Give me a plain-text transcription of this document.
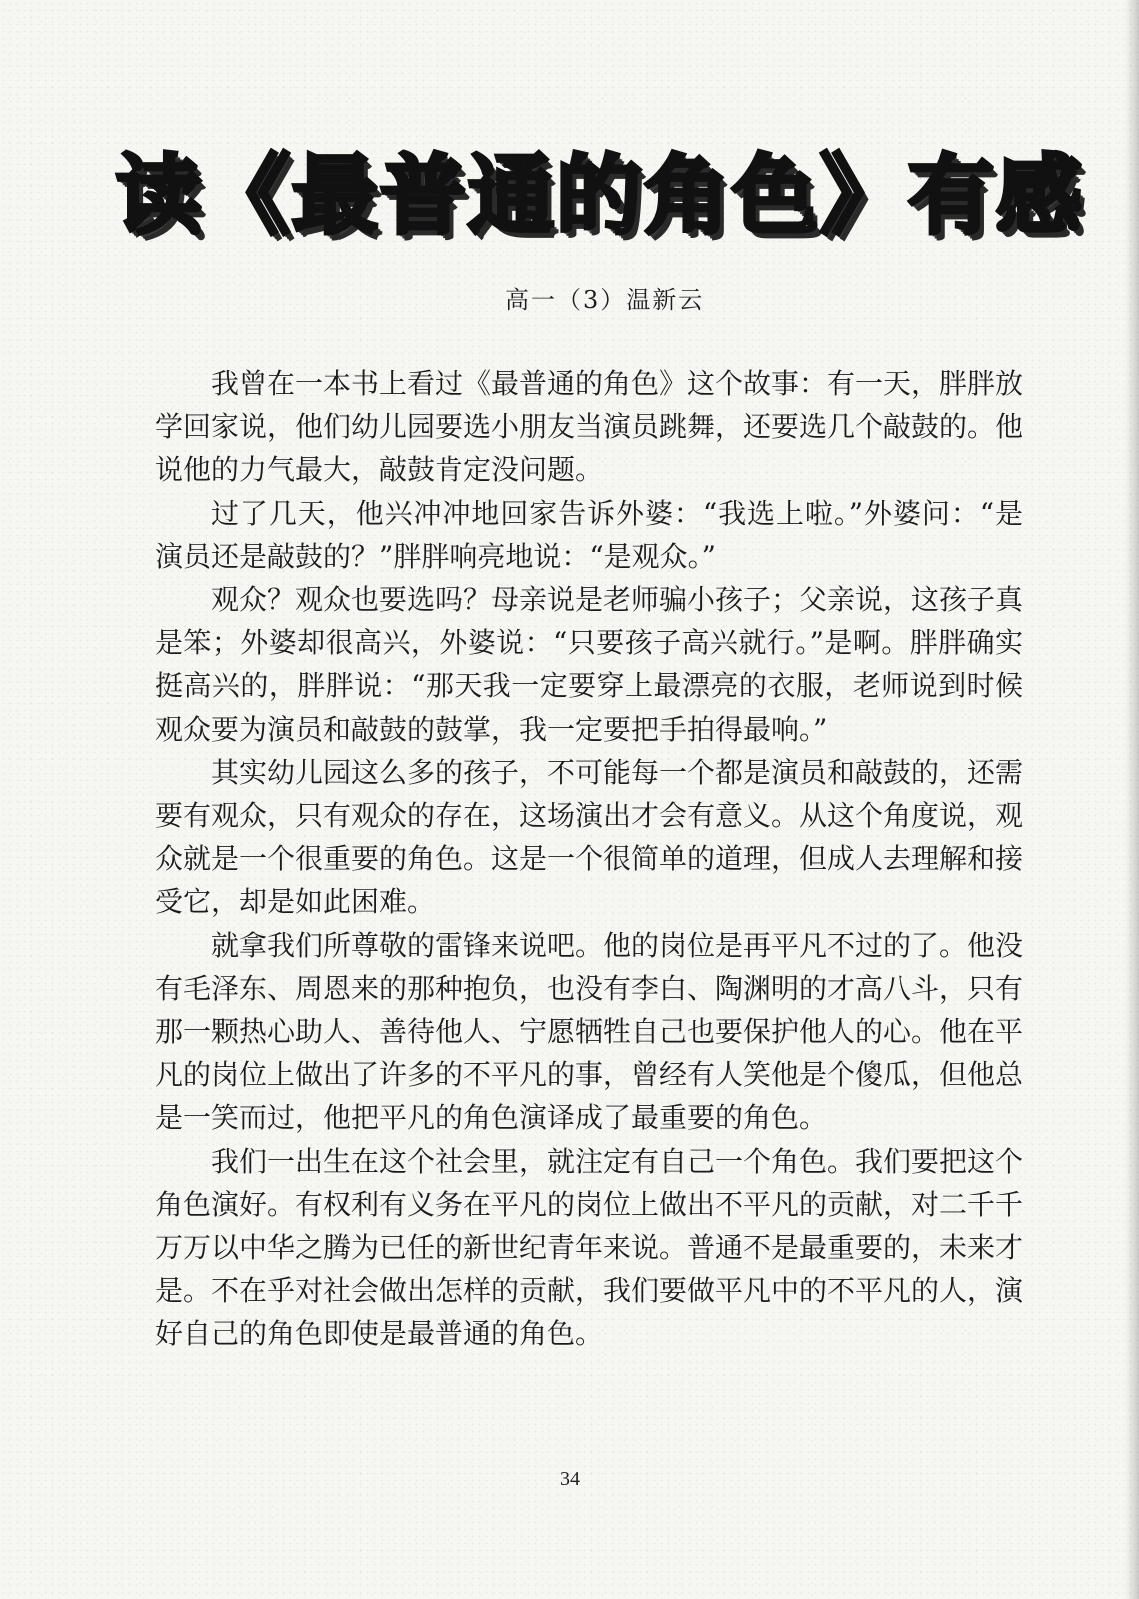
读《最普通的角色》有感
高一（3）温新云

我曾在一本书上看过《最普通的角色》这个故事：有一天，胖胖放学回家说，他们幼儿园要选小朋友当演员跳舞，还要选几个敲鼓的。他说他的力气最大，敲鼓肯定没问题。

过了几天，他兴冲冲地回家告诉外婆：“我选上啦。”外婆问：“是演员还是敲鼓的？”胖胖响亮地说：“是观众。”

观众？观众也要选吗？母亲说是老师骗小孩子；父亲说，这孩子真是笨；外婆却很高兴，外婆说：“只要孩子高兴就行。”是啊。胖胖确实挺高兴的，胖胖说：“那天我一定要穿上最漂亮的衣服，老师说到时候观众要为演员和敲鼓的鼓掌，我一定要把手拍得最响。”

其实幼儿园这么多的孩子，不可能每一个都是演员和敲鼓的，还需要有观众，只有观众的存在，这场演出才会有意义。从这个角度说，观众就是一个很重要的角色。这是一个很简单的道理，但成人去理解和接受它，却是如此困难。

就拿我们所尊敬的雷锋来说吧。他的岗位是再平凡不过的了。他没有毛泽东、周恩来的那种抱负，也没有李白、陶渊明的才高八斗，只有那一颗热心助人、善待他人、宁愿牺牲自己也要保护他人的心。他在平凡的岗位上做出了许多的不平凡的事，曾经有人笑他是个傻瓜，但他总是一笑而过，他把平凡的角色演译成了最重要的角色。

我们一出生在这个社会里，就注定有自己一个角色。我们要把这个角色演好。有权利有义务在平凡的岗位上做出不平凡的贡献，对二千千万万以中华之腾为已任的新世纪青年来说。普通不是最重要的，未来才是。不在乎对社会做出怎样的贡献，我们要做平凡中的不平凡的人，演好自己的角色即使是最普通的角色。

34
